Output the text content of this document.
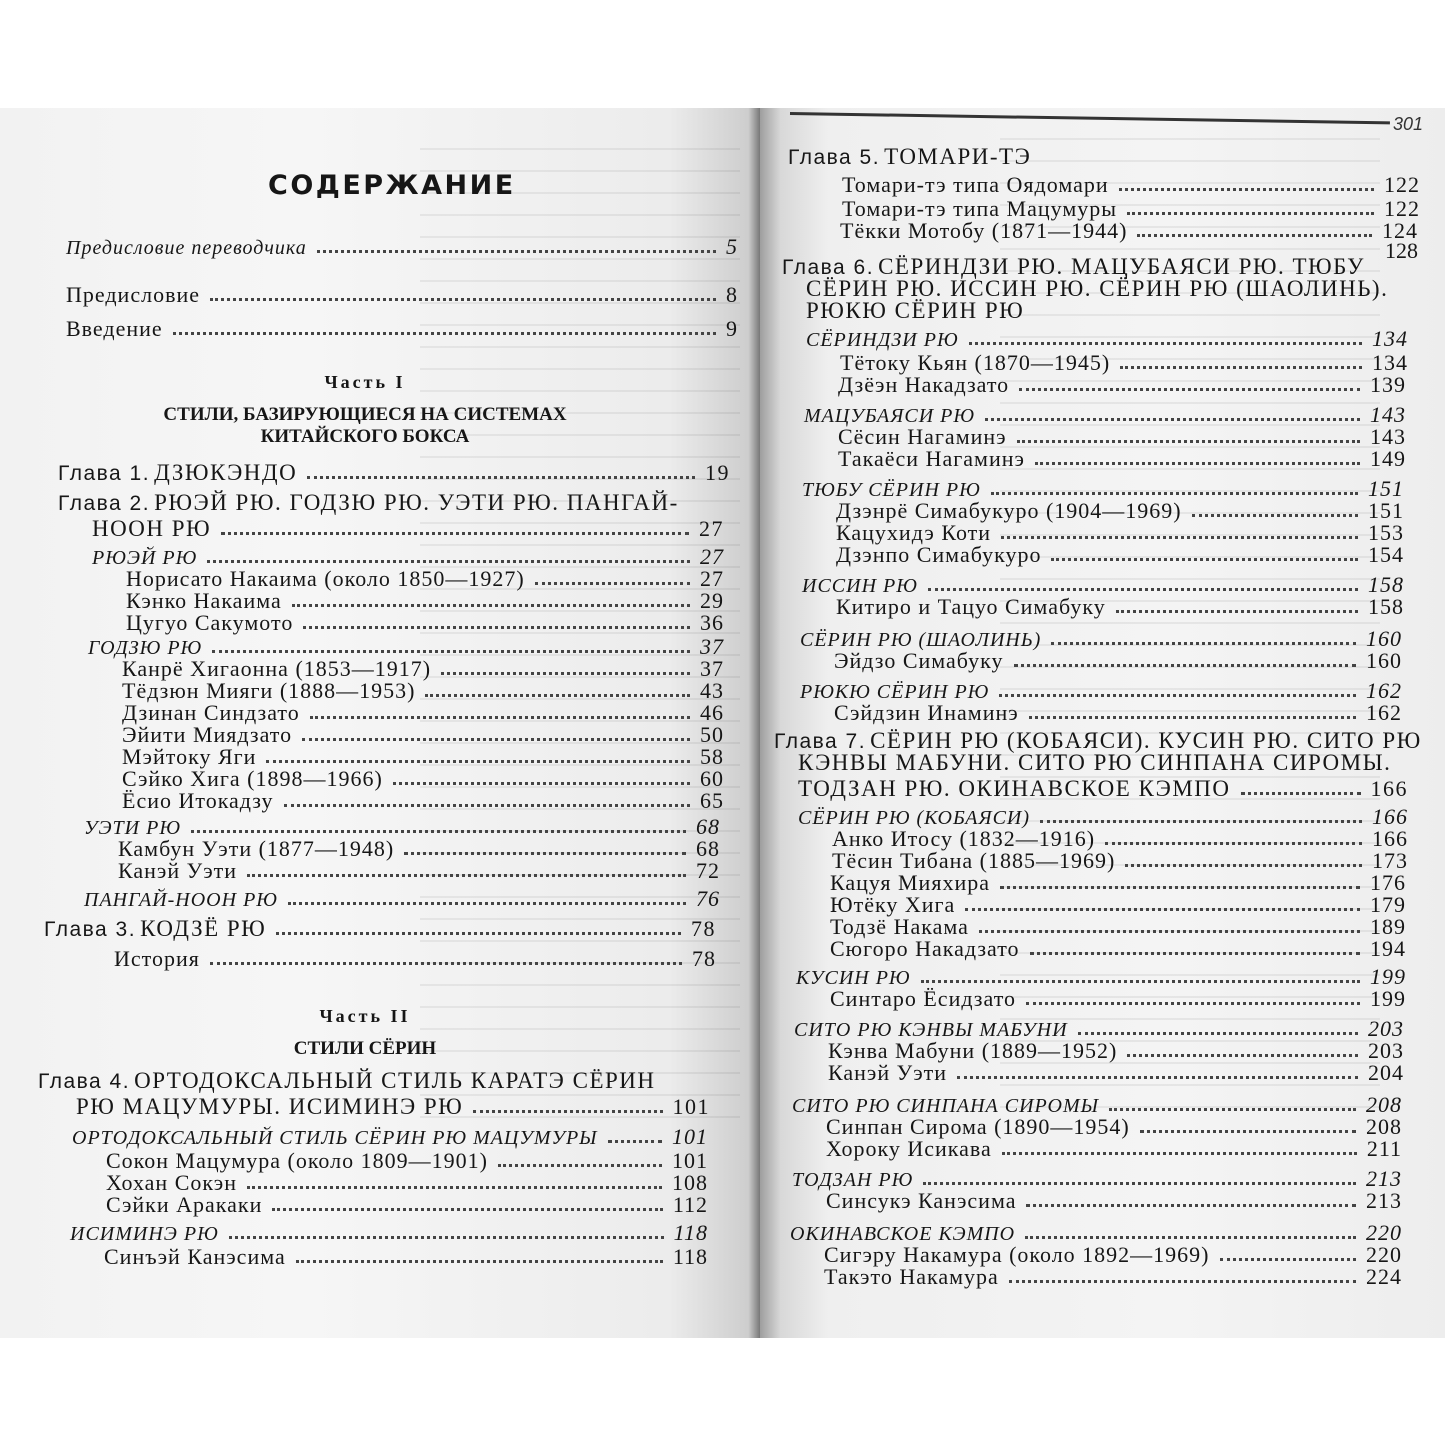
СОДЕРЖАНИЕ
Предисловие переводчика	5
Предисловие	8
Введение	9
Часть I
СТИЛИ, БАЗИРУЮЩИЕСЯ НА СИСТЕМАХ
КИТАЙСКОГО БОКСА
Глава 1. ДЗЮКЭНДО	19
Глава 2. РЮЭЙ РЮ. ГОДЗЮ РЮ. УЭТИ РЮ. ПАНГАЙ-
НООН РЮ	27
РЮЭЙ РЮ	27
Норисато Накаима (около 1850—1927)	27
Кэнко Накаима	29
Цугуо Сакумото	36
ГОДЗЮ РЮ	37
Канрё Хигаонна (1853—1917)	37
Тёдзюн Мияги (1888—1953)	43
Дзинан Синдзато	46
Эйити Миядзато	50
Мэйтоку Яги	58
Сэйко Хига (1898—1966)	60
Ёсио Итокадзу	65
УЭТИ РЮ	68
Камбун Уэти (1877—1948)	68
Канэй Уэти	72
ПАНГАЙ-НООН РЮ	76
Глава 3. КОДЗЁ РЮ	78
История	78
Часть II
СТИЛИ СЁРИН
Глава 4. ОРТОДОКСАЛЬНЫЙ СТИЛЬ КАРАТЭ СЁРИН
РЮ МАЦУМУРЫ. ИСИМИНЭ РЮ	101
ОРТОДОКСАЛЬНЫЙ СТИЛЬ СЁРИН РЮ МАЦУМУРЫ	101
Сокон Мацумура (около 1809—1901)	101
Хохан Сокэн	108
Сэйки Аракаки	112
ИСИМИНЭ РЮ	118
Синъэй Канэсима	118
301
Глава 5. ТОМАРИ-ТЭ
Томари-тэ типа Оядомари	122
Томари-тэ типа Мацумуры	122
Тёкки Мотобу (1871—1944)	124
128
Глава 6. СЁРИНДЗИ РЮ. МАЦУБАЯСИ РЮ. ТЮБУ
СЁРИН РЮ. ИССИН РЮ. СЁРИН РЮ (ШАОЛИНЬ).
РЮКЮ СЁРИН РЮ
СЁРИНДЗИ РЮ	134
Тётоку Кьян (1870—1945)	134
Дзёэн Накадзато	139
МАЦУБАЯСИ РЮ	143
Сёсин Нагаминэ	143
Такаёси Нагаминэ	149
ТЮБУ СЁРИН РЮ	151
Дзэнрё Симабукуро (1904—1969)	151
Кацухидэ Коти	153
Дзэнпо Симабукуро	154
ИССИН РЮ	158
Китиро и Тацуо Симабуку	158
СЁРИН РЮ (ШАОЛИНЬ)	160
Эйдзо Симабуку	160
РЮКЮ СЁРИН РЮ	162
Сэйдзин Инаминэ	162
Глава 7. СЁРИН РЮ (КОБАЯСИ). КУСИН РЮ. СИТО РЮ
КЭНВЫ МАБУНИ. СИТО РЮ СИНПАНА СИРОМЫ.
ТОДЗАН РЮ. ОКИНАВСКОЕ КЭМПО	166
СЁРИН РЮ (КОБАЯСИ)	166
Анко Итосу (1832—1916)	166
Тёсин Тибана (1885—1969)	173
Кацуя Мияхира	176
Ютёку Хига	179
Тодзё Накама	189
Сюгоро Накадзато	194
КУСИН РЮ	199
Синтаро Ёсидзато	199
СИТО РЮ КЭНВЫ МАБУНИ	203
Кэнва Мабуни (1889—1952)	203
Канэй Уэти	204
СИТО РЮ СИНПАНА СИРОМЫ	208
Синпан Сирома (1890—1954)	208
Хороку Исикава	211
ТОДЗАН РЮ	213
Синсукэ Канэсима	213
ОКИНАВСКОЕ КЭМПО	220
Сигэру Накамура (около 1892—1969)	220
Такэто Накамура	224
